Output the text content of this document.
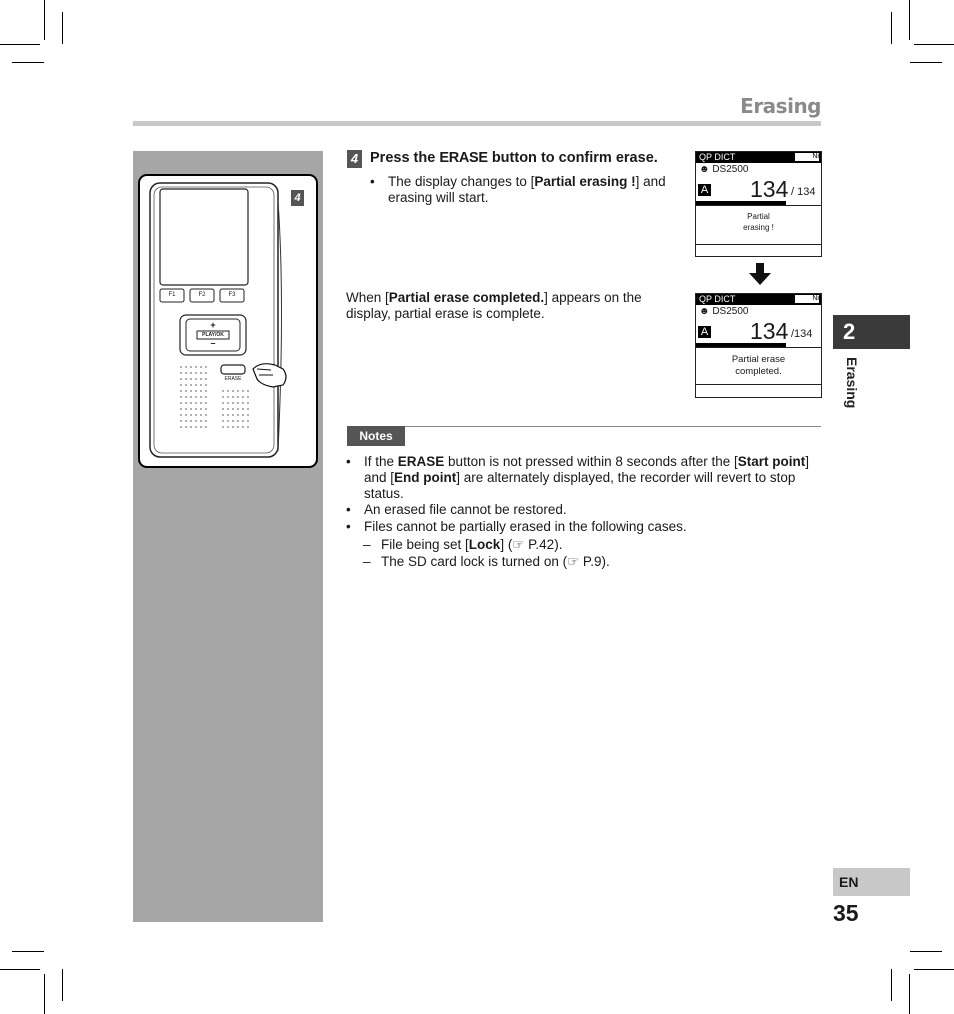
Erasing
4
F1	F2	F3
+
PLAY/OK
–
ERASE
4 Press the ERASE button to confirm erase.
• The display changes to [Partial erasing !] and erasing will start.
When [Partial erase completed.] appears on the display, partial erase is complete.
QP DICT	Ni
☻ DS2500
A 134 / 134
Partial
erasing !
QP DICT	Ni
☻ DS2500
A 134 /134
Partial erase
completed.
Notes
• If the ERASE button is not pressed within 8 seconds after the [Start point] and [End point] are alternately displayed, the recorder will revert to stop status.
• An erased file cannot be restored.
• Files cannot be partially erased in the following cases.
– File being set [Lock] (☞ P.42).
– The SD card lock is turned on (☞ P.9).
2
Erasing
EN
35
